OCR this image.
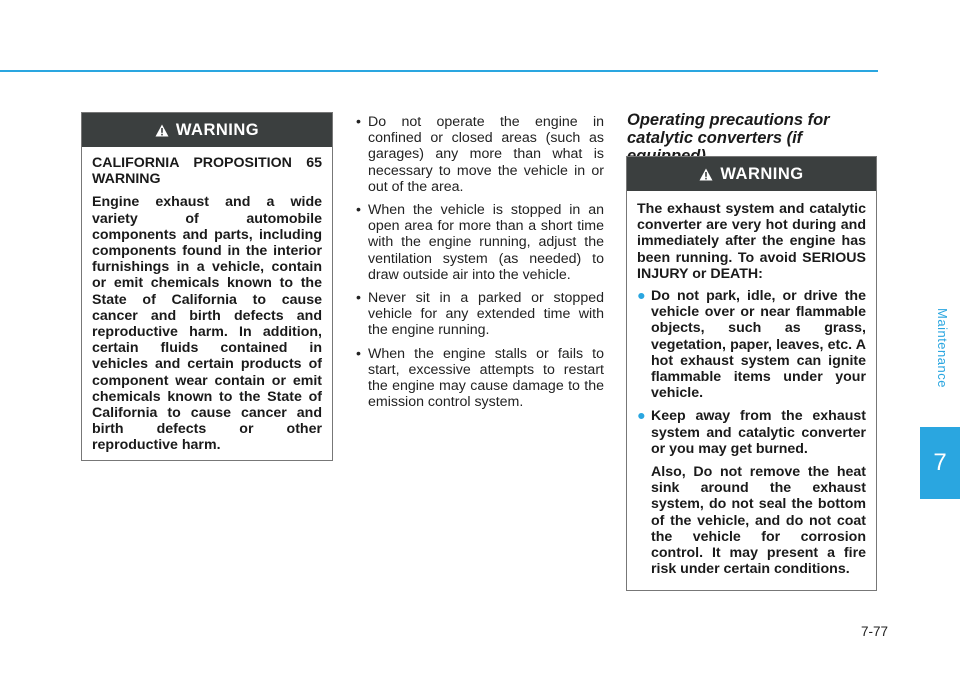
Maintenance
7
WARNING

CALIFORNIA PROPOSITION 65 WARNING

Engine exhaust and a wide variety of automobile components and parts, including components found in the interior furnishings in a vehicle, contain or emit chemicals known to the State of California to cause cancer and birth defects and reproductive harm. In addition, certain fluids contained in vehicles and certain products of component wear contain or emit chemicals known to the State of California to cause cancer and birth defects or other reproductive harm.

• Do not operate the engine in confined or closed areas (such as garages) any more than what is necessary to move the vehicle in or out of the area.
• When the vehicle is stopped in an open area for more than a short time with the engine running, adjust the ventilation system (as needed) to draw outside air into the vehicle.
• Never sit in a parked or stopped vehicle for any extended time with the engine running.
• When the engine stalls or fails to start, excessive attempts to restart the engine may cause damage to the emission control system.
Operating precautions for catalytic converters (if
WARNING

The exhaust system and catalytic converter are very hot during and immediately after the engine has been running. To avoid SERIOUS INJURY or DEATH:

● Do not park, idle, or drive the vehicle over or near flammable objects, such as grass, vegetation, paper, leaves, etc. A hot exhaust system can ignite flammable items under your vehicle.

● Keep away from the exhaust system and catalytic converter or you may get burned.

Also, Do not remove the heat sink around the exhaust system, do not seal the bottom of the vehicle, and do not coat the vehicle for corrosion control. It may present a fire risk under certain conditions.

7-77
